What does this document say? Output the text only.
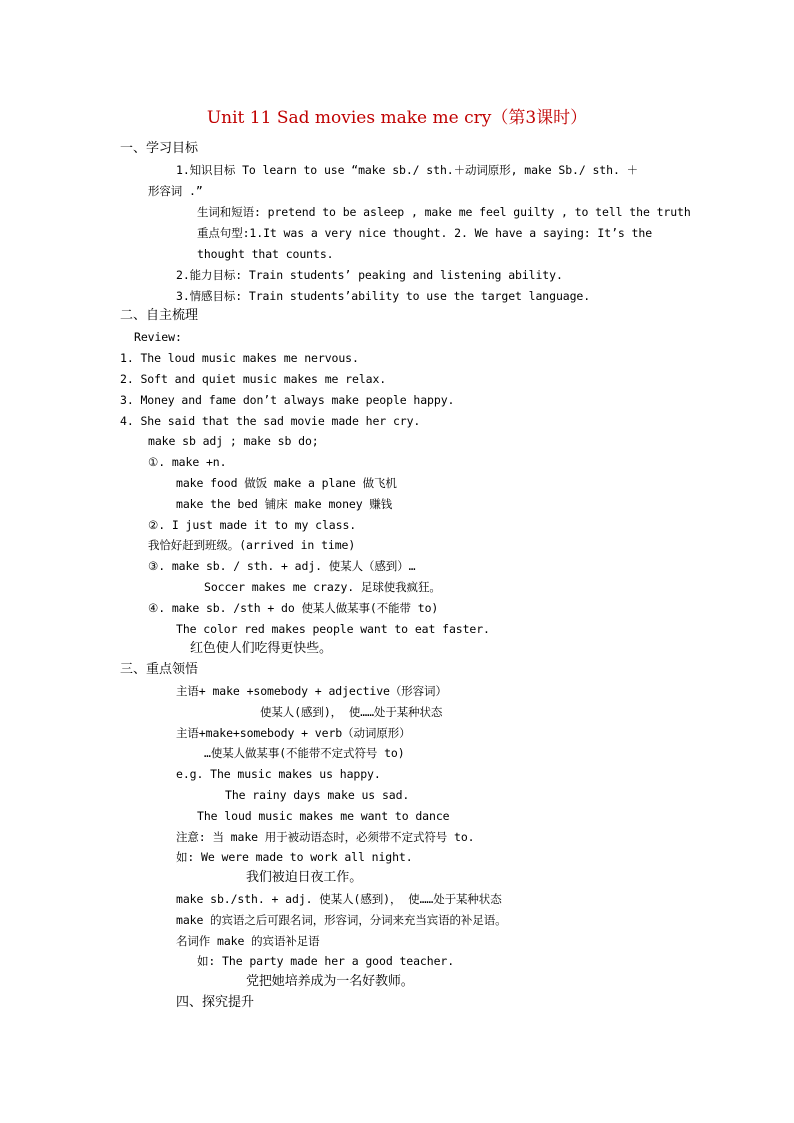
Unit 11 Sad movies make me cry（第3课时）
一、学习目标
1.知识目标 To learn to use “make sb./ sth.＋动词原形, make Sb./ sth. ＋
形容词 .”
生词和短语: pretend to be asleep , make me feel guilty , to tell the truth
重点句型:1.It was a very nice thought. 2. We have a saying: It’s the
thought that counts.
2.能力目标: Train students’ peaking and listening ability.
3.情感目标: Train students’ability to use the target language.
二、自主梳理
Review:
1. The loud music makes me nervous.
2. Soft and quiet music makes me relax.
3. Money and fame don’t always make people happy.
4. She said that the sad movie made her cry.
make sb adj ; make sb do;
①. make +n.
make food 做饭 make a plane 做飞机
make the bed 铺床 make money 赚钱
②. I just made it to my class.
我恰好赶到班级。(arrived in time)
③. make sb. / sth. + adj. 使某人（感到）…
Soccer makes me crazy. 足球使我疯狂。
④. make sb. /sth + do 使某人做某事(不能带 to)
The color red makes people want to eat faster.
红色使人们吃得更快些。
三、重点领悟
主语+ make +somebody + adjective（形容词）
使某人(感到)， 使……处于某种状态
主语+make+somebody + verb（动词原形）
…使某人做某事(不能带不定式符号 to)
e.g. The music makes us happy.
The rainy days make us sad.
The loud music makes me want to dance
注意: 当 make 用于被动语态时，必须带不定式符号 to.
如: We were made to work all night.
我们被迫日夜工作。
make sb./sth. + adj. 使某人(感到)， 使……处于某种状态
make 的宾语之后可跟名词，形容词，分词来充当宾语的补足语。
名词作 make 的宾语补足语
如: The party made her a good teacher.
党把她培养成为一名好教师。
四、探究提升
